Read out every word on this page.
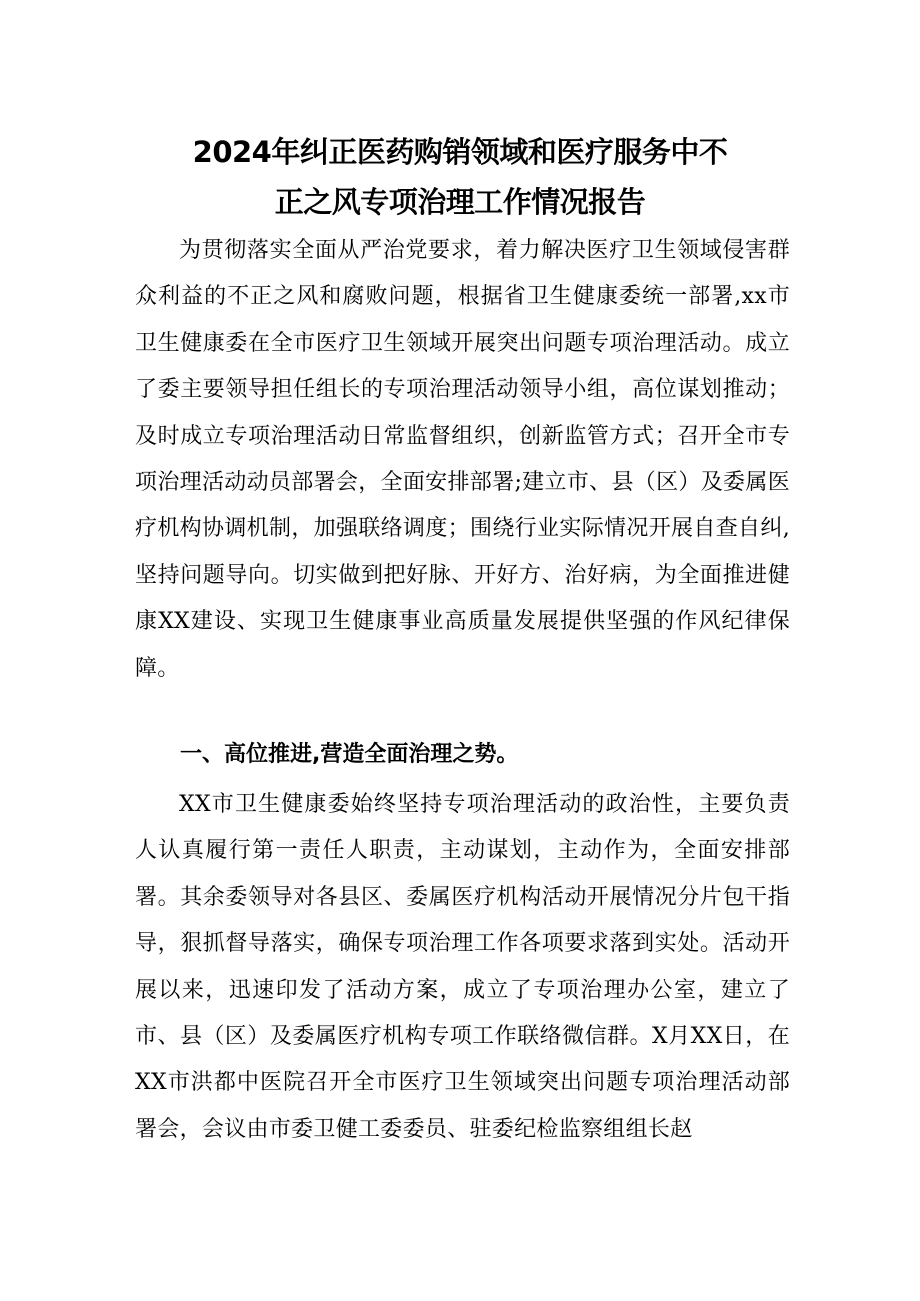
2024年纠正医药购销领域和医疗服务中不
正之风专项治理工作情况报告

为贯彻落实全面从严治党要求，着力解决医疗卫生领域侵害群众利益的不正之风和腐败问题，根据省卫生健康委统一部署,xx市卫生健康委在全市医疗卫生领域开展突出问题专项治理活动。成立了委主要领导担任组长的专项治理活动领导小组，高位谋划推动；及时成立专项治理活动日常监督组织，创新监管方式；召开全市专项治理活动动员部署会，全面安排部署;建立市、县（区）及委属医疗机构协调机制，加强联络调度；围绕行业实际情况开展自查自纠,坚持问题导向。切实做到把好脉、开好方、治好病，为全面推进健康XX建设、实现卫生健康事业高质量发展提供坚强的作风纪律保障。

一、高位推进,营造全面治理之势。

XX市卫生健康委始终坚持专项治理活动的政治性，主要负责人认真履行第一责任人职责，主动谋划，主动作为，全面安排部署。其余委领导对各县区、委属医疗机构活动开展情况分片包干指导，狠抓督导落实，确保专项治理工作各项要求落到实处。活动开展以来，迅速印发了活动方案，成立了专项治理办公室，建立了市、县（区）及委属医疗机构专项工作联络微信群。X月XX日，在XX市洪都中医院召开全市医疗卫生领域突出问题专项治理活动部署会，会议由市委卫健工委委员、驻委纪检监察组组长赵
